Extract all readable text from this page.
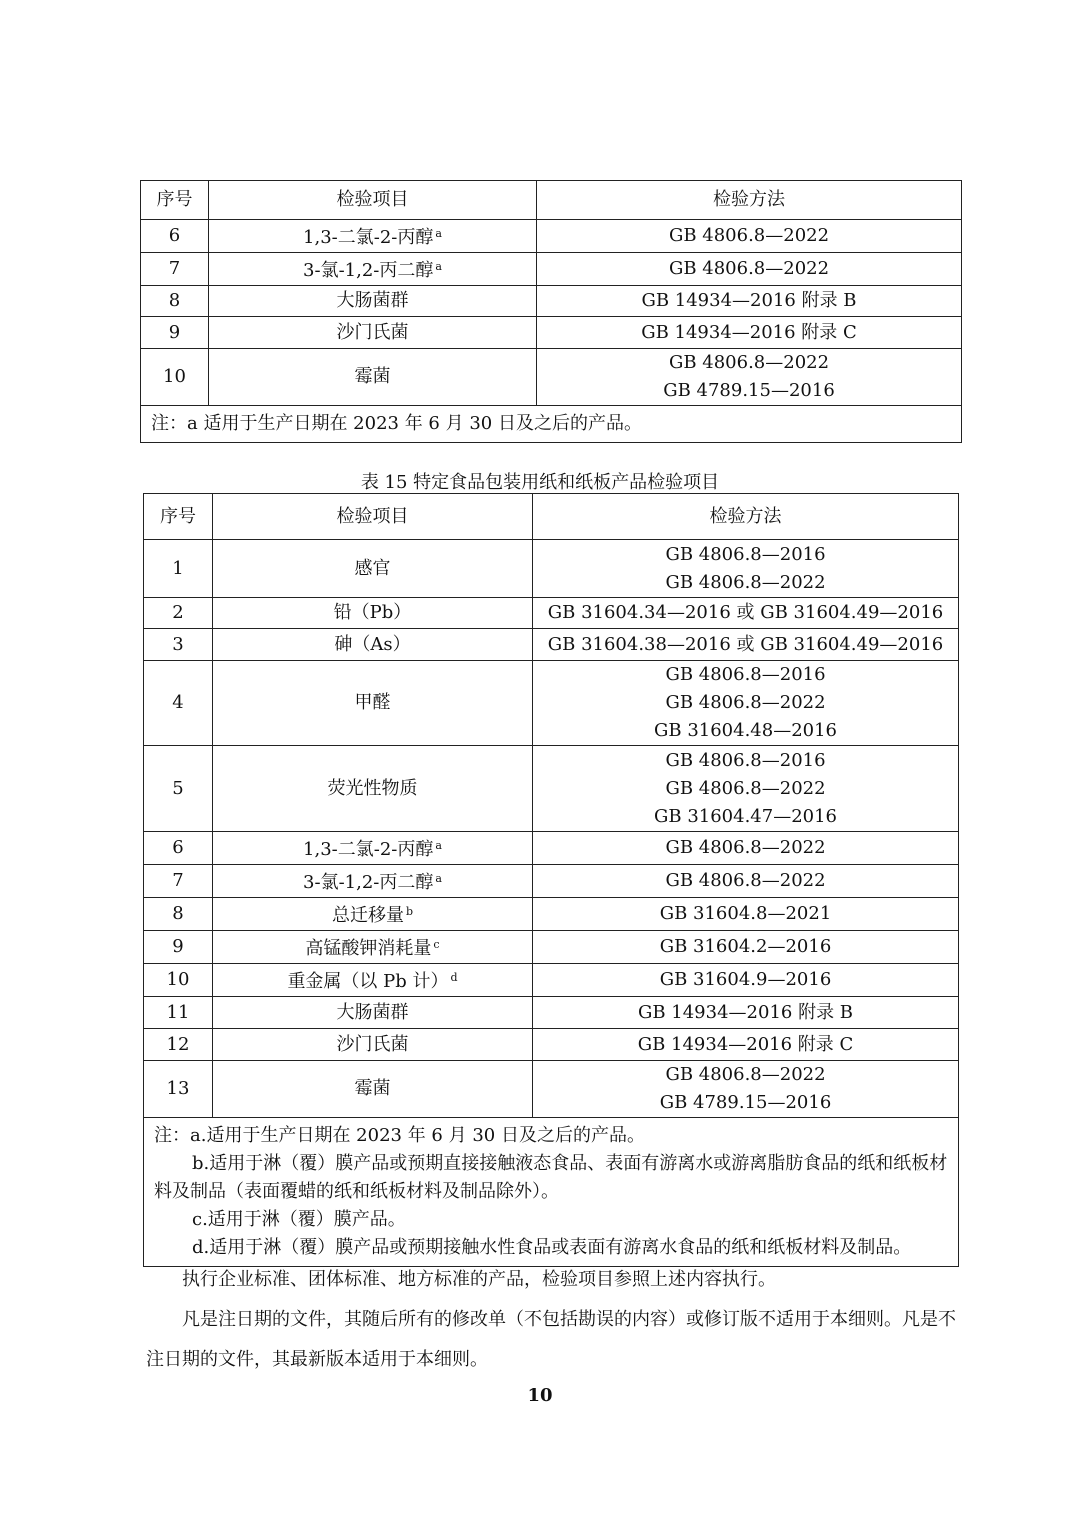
序号	检验项目	检验方法
6	1,3-二氯-2-丙醇 $^a$	GB 4806.8—2022

7	3-氯-1,2-丙二醇 $^a$	GB 4806.8—2022

8	大肠菌群	GB 14934—2016 附录 B

9	沙门氏菌	GB 14934—2016 附录 C

10	霉菌	GB 4806.8—2022
GB 4789.15—2016

注：a 适用于生产日期在 2023 年 6 月 30 日及之后的产品。		
表 15 特定食品包装用纸和纸板产品检验项目
序号	检验项目	检验方法
1	感官	GB 4806.8—2016
GB 4806.8—2022

2	铅（Pb）	GB 31604.34—2016 或 GB 31604.49—2016

3	砷（As）	GB 31604.38—2016 或 GB 31604.49—2016

4	甲醛	GB 4806.8—2016
GB 4806.8—2022
GB 31604.48—2016

5	荧光性物质	GB 4806.8—2016
GB 4806.8—2022
GB 31604.47—2016

6	1,3-二氯-2-丙醇 $^a$	GB 4806.8—2022

7	3-氯-1,2-丙二醇 $^a$	GB 4806.8—2022

8	总迁移量 $^b$	GB 31604.8—2021

9	高锰酸钾消耗量 $^c$	GB 31604.2—2016

10	重金属（以 Pb 计） $^d$	GB 31604.9—2016

11	大肠菌群	GB 14934—2016 附录 B

12	沙门氏菌	GB 14934—2016 附录 C

13	霉菌	GB 4806.8—2022
GB 4789.15—2016

注：a.适用于生产日期在 2023 年 6 月 30 日及之后的产品。
b.适用于淋（覆）膜产品或预期直接接触液态食品、表面有游离水或游离脂肪食品的纸和纸板材料及制品（表面覆蜡的纸和纸板材料及制品除外）。
c.适用于淋（覆）膜产品。
d.适用于淋（覆）膜产品或预期接触水性食品或表面有游离水食品的纸和纸板材料及制品。		
执行企业标准、团体标准、地方标准的产品，检验项目参照上述内容执行。
凡是注日期的文件，其随后所有的修改单（不包括勘误的内容）或修订版不适用于本细则。凡是不注日期的文件，其最新版本适用于本细则。
10
